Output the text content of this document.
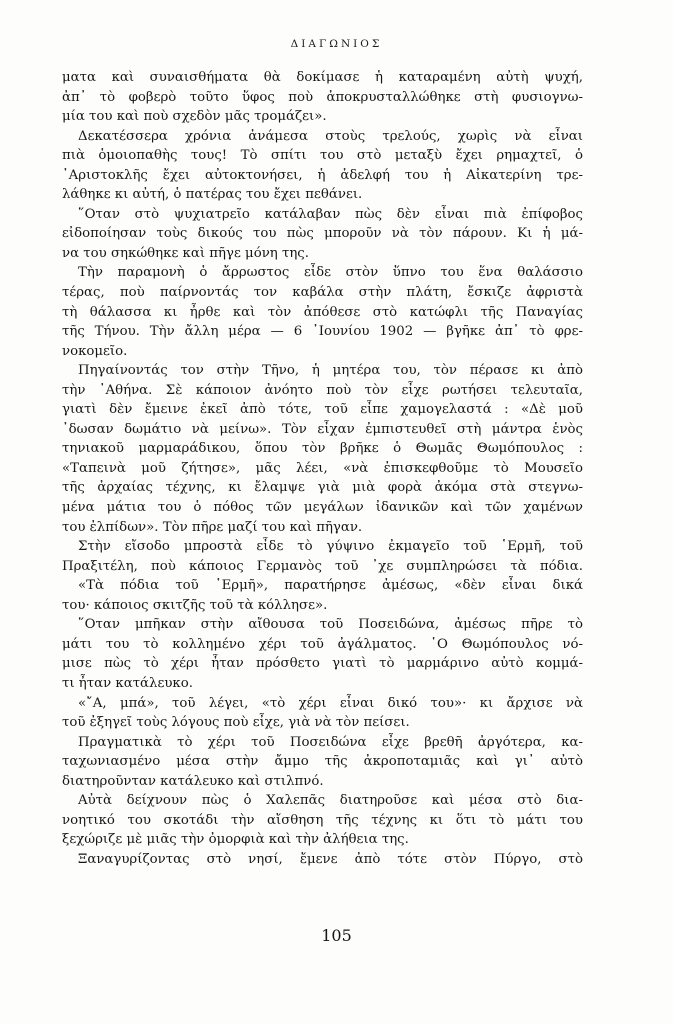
ΔΙΑΓΩΝΙΟΣ
ματα καὶ συναισθήματα θὰ δοκίμασε ἡ καταραμένη αὐτὴ ψυχή,
ἀπ᾿ τὸ φοβερὸ τοῦτο ὕφος ποὺ ἀποκρυσταλλώθηκε στὴ φυσιογνω-
μία του καὶ ποὺ σχεδὸν μᾶς τρομάζει».
Δεκατέσσερα χρόνια ἀνάμεσα στοὺς τρελούς, χωρὶς νὰ εἶναι
πιὰ ὁμοιοπαθὴς τους! Τὸ σπίτι του στὸ μεταξὺ ἔχει ρημαχτεῖ, ὁ
᾿Αριστοκλῆς ἔχει αὐτοκτονήσει, ἡ ἀδελφή του ἡ Αἰκατερίνη τρε-
λάθηκε κι αὐτή, ὁ πατέρας του ἔχει πεθάνει.
῞Οταν στὸ ψυχιατρεῖο κατάλαβαν πὼς δὲν εἶναι πιὰ ἐπίφοβος
εἰδοποίησαν τοὺς δικούς του πὼς μποροῦν νὰ τὸν πάρουν. Κι ἡ μά-
να του σηκώθηκε καὶ πῆγε μόνη της.
Τὴν παραμονὴ ὁ ἄρρωστος εἶδε στὸν ὕπνο του ἕνα θαλάσσιο
τέρας, ποὺ παίρνοντάς τον καβάλα στὴν πλάτη, ἔσκιζε ἀφριστὰ
τὴ θάλασσα κι ἦρθε καὶ τὸν ἀπόθεσε στὸ κατώφλι τῆς Παναγίας
τῆς Τήνου. Τὴν ἄλλη μέρα — 6 ᾿Ιουνίου 1902 — βγῆκε ἀπ᾿ τὸ φρε-
νοκομεῖο.
Πηγαίνοντάς τον στὴν Τῆνο, ἡ μητέρα του, τὸν πέρασε κι ἀπὸ
τὴν ᾿Αθήνα. Σὲ κάποιον ἀνόητο ποὺ τὸν εἶχε ρωτήσει τελευταῖα,
γιατὶ δὲν ἔμεινε ἐκεῖ ἀπὸ τότε, τοῦ εἶπε χαμογελαστά : «Δὲ μοῦ
᾿δωσαν δωμάτιο νὰ μείνω». Τὸν εἶχαν ἐμπιστευθεῖ στὴ μάντρα ἑνὸς
τηνιακοῦ μαρμαράδικου, ὅπου τὸν βρῆκε ὁ Θωμᾶς Θωμόπουλος :
«Ταπεινὰ μοῦ ζήτησε», μᾶς λέει, «νὰ ἐπισκεφθοῦμε τὸ Μουσεῖο
τῆς ἀρχαίας τέχνης, κι ἔλαμψε γιὰ μιὰ φορὰ ἀκόμα στὰ στεγνω-
μένα μάτια του ὁ πόθος τῶν μεγάλων ἰδανικῶν καὶ τῶν χαμένων
του ἐλπίδων». Τὸν πῆρε μαζί του καὶ πῆγαν.
Στὴν εἴσοδο μπροστὰ εἶδε τὸ γύψινο ἐκμαγεῖο τοῦ ῾Ερμῆ, τοῦ
Πραξιτέλη, ποὺ κάποιος Γερμανὸς τοῦ ᾿χε συμπληρώσει τὰ πόδια.
«Τὰ πόδια τοῦ ῾Ερμῆ», παρατήρησε ἀμέσως, «δὲν εἶναι δικά
του· κάποιος σκιτζῆς τοῦ τὰ κόλλησε».
῞Οταν μπῆκαν στὴν αἴθουσα τοῦ Ποσειδώνα, ἀμέσως πῆρε τὸ
μάτι του τὸ κολλημένο χέρι τοῦ ἀγάλματος. ῾Ο Θωμόπουλος νό-
μισε πὼς τὸ χέρι ἦταν πρόσθετο γιατὶ τὸ μαρμάρινο αὐτὸ κομμά-
τι ἦταν κατάλευκο.
«῎Α, μπά», τοῦ λέγει, «τὸ χέρι εἶναι δικό του»· κι ἄρχισε νὰ
τοῦ ἐξηγεῖ τοὺς λόγους ποὺ εἶχε, γιὰ νὰ τὸν πείσει.
Πραγματικὰ τὸ χέρι τοῦ Ποσειδώνα εἶχε βρεθῆ ἀργότερα, κα-
ταχωνιασμένο μέσα στὴν ἄμμο τῆς ἀκροποταμιᾶς καὶ γι᾿ αὐτὸ
διατηροῦνταν κατάλευκο καὶ στιλπνό.
Αὐτὰ δείχνουν πὼς ὁ Χαλεπᾶς διατηροῦσε καὶ μέσα στὸ δια-
νοητικό του σκοτάδι τὴν αἴσθηση τῆς τέχνης κι ὅτι τὸ μάτι του
ξεχώριζε μὲ μιᾶς τὴν ὀμορφιὰ καὶ τὴν ἀλήθεια της.
Ξαναγυρίζοντας στὸ νησί, ἔμενε ἀπὸ τότε στὸν Πύργο, στὸ
105
